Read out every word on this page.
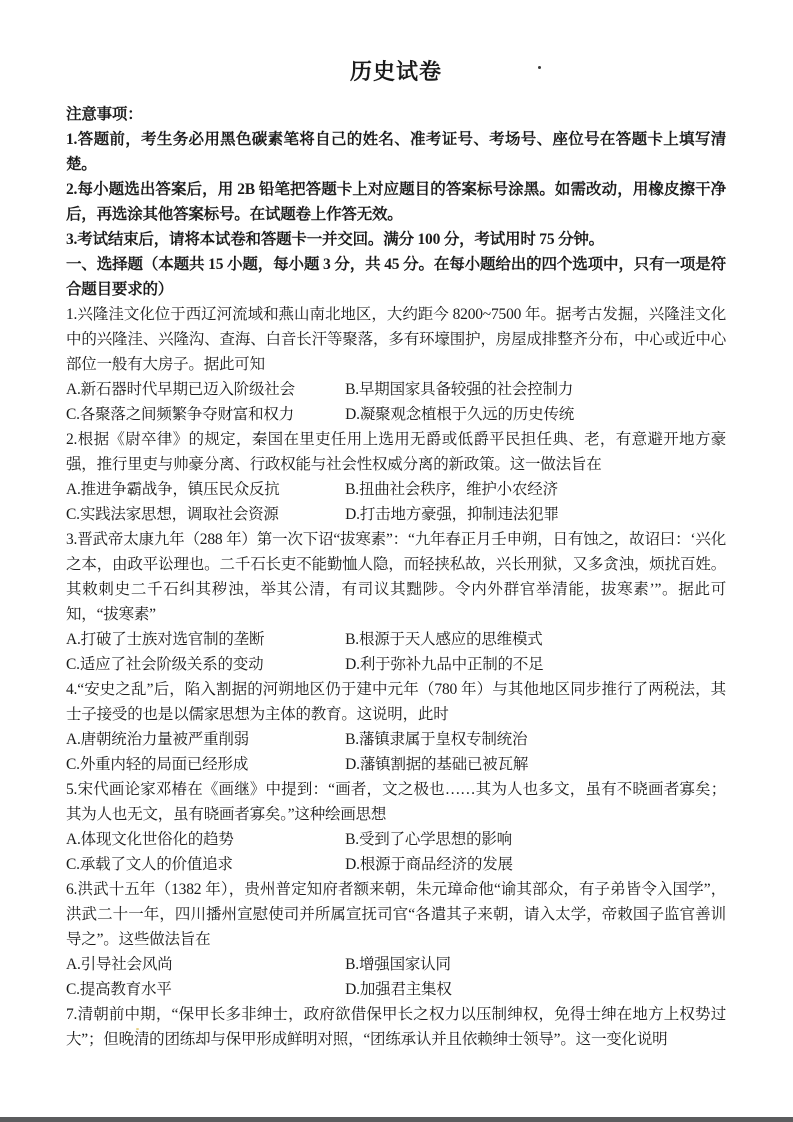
历史试卷

注意事项：

1.答题前，考生务必用黑色碳素笔将自己的姓名、准考证号、考场号、座位号在答题卡上填写清楚。

2.每小题选出答案后，用 2B 铅笔把答题卡上对应题目的答案标号涂黑。如需改动，用橡皮擦干净后，再选涂其他答案标号。在试题卷上作答无效。

3.考试结束后，请将本试卷和答题卡一并交回。满分 100 分，考试用时 75 分钟。

一、选择题（本题共 15 小题，每小题 3 分，共 45 分。在每小题给出的四个选项中，只有一项是符合题目要求的）

1.兴隆洼文化位于西辽河流域和燕山南北地区，大约距今 8200~7500 年。据考古发掘，兴隆洼文化中的兴隆洼、兴隆沟、查海、白音长汗等聚落，多有环壕围护，房屋成排整齐分布，中心或近中心部位一般有大房子。据此可知

A.新石器时代早期已迈入阶级社会	B.早期国家具备较强的社会控制力
C.各聚落之间频繁争夺财富和权力	D.凝聚观念植根于久远的历史传统

2.根据《尉卒律》的规定，秦国在里吏任用上选用无爵或低爵平民担任典、老，有意避开地方豪强，推行里吏与帅豪分离、行政权能与社会性权威分离的新政策。这一做法旨在

A.推进争霸战争，镇压民众反抗	B.扭曲社会秩序，维护小农经济
C.实践法家思想，调取社会资源	D.打击地方豪强，抑制违法犯罪

3.晋武帝太康九年（288 年）第一次下诏“拔寒素”：“九年春正月壬申朔，日有蚀之，故诏曰：‘兴化之本，由政平讼理也。二千石长吏不能勤恤人隐，而轻挟私故，兴长刑狱，又多贪浊，烦扰百姓。其敕刺史二千石纠其秽浊，举其公清，有司议其黜陟。令内外群官举清能，拔寒素’”。据此可知，“拔寒素”

A.打破了士族对选官制的垄断	B.根源于天人感应的思维模式
C.适应了社会阶级关系的变动	D.利于弥补九品中正制的不足

4.“安史之乱”后，陷入割据的河朔地区仍于建中元年（780 年）与其他地区同步推行了两税法，其士子接受的也是以儒家思想为主体的教育。这说明，此时

A.唐朝统治力量被严重削弱	B.藩镇隶属于皇权专制统治
C.外重内轻的局面已经形成	D.藩镇割据的基础已被瓦解

5.宋代画论家邓椿在《画继》中提到：“画者，文之极也……其为人也多文，虽有不晓画者寡矣；其为人也无文，虽有晓画者寡矣。”这种绘画思想

A.体现文化世俗化的趋势	B.受到了心学思想的影响
C.承载了文人的价值追求	D.根源于商品经济的发展

6.洪武十五年（1382 年），贵州普定知府者额来朝，朱元璋命他“谕其部众，有子弟皆令入国学”，洪武二十一年，四川播州宣慰使司并所属宣抚司官“各遣其子来朝，请入太学，帝敕国子监官善训导之”。这些做法旨在

A.引导社会风尚	B.增强国家认同
C.提高教育水平	D.加强君主集权

7.清朝前中期，“保甲长多非绅士，政府欲借保甲长之权力以压制绅权，免得士绅在地方上权势过大”；但晚清的团练却与保甲形成鲜明对照，“团练承认并且依赖绅士领导”。这一变化说明
